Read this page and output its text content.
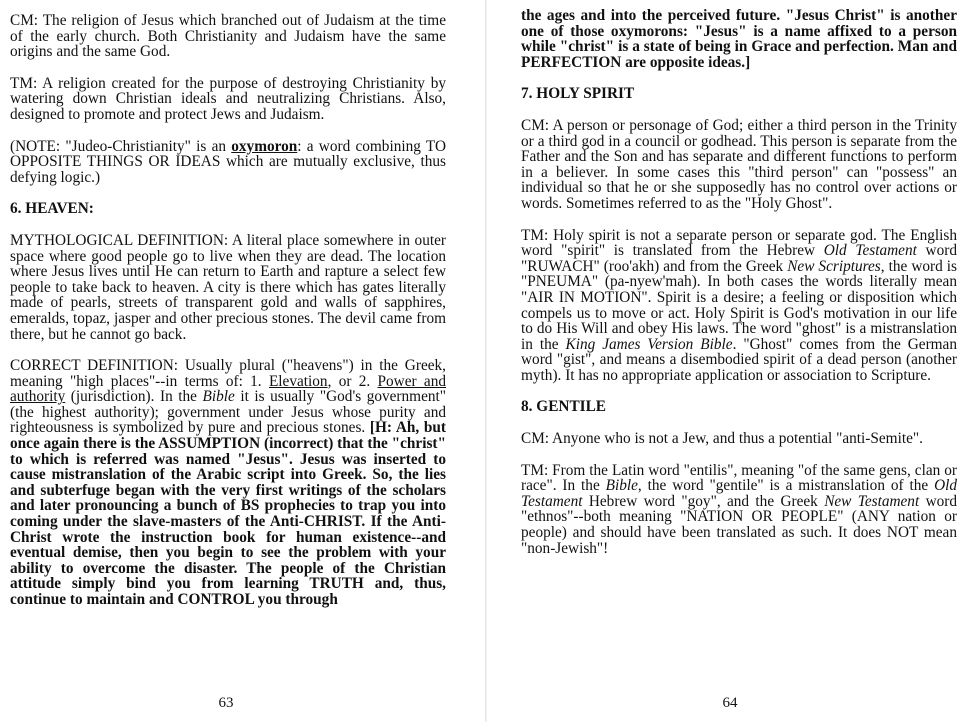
CM: The religion of Jesus which branched out of Judaism at the time of the early church. Both Christianity and Judaism have the same origins and the same God.

TM: A religion created for the purpose of destroying Christianity by watering down Christian ideals and neutralizing Christians. Also, designed to promote and protect Jews and Judaism.

(NOTE: "Judeo-Christianity" is an oxymoron: a word combining TO OPPOSITE THINGS OR IDEAS which are mutually exclusive, thus defying logic.)

6. HEAVEN:

MYTHOLOGICAL DEFINITION: A literal place somewhere in outer space where good people go to live when they are dead. The location where Jesus lives until He can return to Earth and rapture a select few people to take back to heaven. A city is there which has gates literally made of pearls, streets of transparent gold and walls of sapphires, emeralds, topaz, jasper and other precious stones. The devil came from there, but he cannot go back.

CORRECT DEFINITION: Usually plural ("heavens") in the Greek, meaning "high places"--in terms of: 1. Elevation, or 2. Power and authority (jurisdiction). In the Bible it is usually "God's government" (the highest authority); government under Jesus whose purity and righteousness is symbolized by pure and precious stones. [H: Ah, but once again there is the ASSUMPTION (incorrect) that the "christ" to which is referred was named "Jesus". Jesus was inserted to cause mistranslation of the Arabic script into Greek. So, the lies and subterfuge began with the very first writings of the scholars and later pronouncing a bunch of BS prophecies to trap you into coming under the slave-masters of the Anti-CHRIST. If the Anti-Christ wrote the instruction book for human existence--and eventual demise, then you begin to see the problem with your ability to overcome the disaster. The people of the Christian attitude simply bind you from learning TRUTH and, thus, continue to maintain and CONTROL you through

63

the ages and into the perceived future. "Jesus Christ" is another one of those oxymorons: "Jesus" is a name affixed to a person while "christ" is a state of being in Grace and perfection. Man and PERFECTION are opposite ideas.]

7. HOLY SPIRIT

CM: A person or personage of God; either a third person in the Trinity or a third god in a council or godhead. This person is separate from the Father and the Son and has separate and different functions to perform in a believer. In some cases this "third person" can "possess" an individual so that he or she supposedly has no control over actions or words. Sometimes referred to as the "Holy Ghost".

TM: Holy spirit is not a separate person or separate god. The English word "spirit" is translated from the Hebrew Old Testament word "RUWACH" (roo'akh) and from the Greek New Scriptures, the word is "PNEUMA" (pa-nyew'mah). In both cases the words literally mean "AIR IN MOTION". Spirit is a desire; a feeling or disposition which compels us to move or act. Holy Spirit is God's motivation in our life to do His Will and obey His laws. The word "ghost" is a mistranslation in the King James Version Bible. "Ghost" comes from the German word "gist", and means a disembodied spirit of a dead person (another myth). It has no appropriate application or association to Scripture.

8. GENTILE

CM: Anyone who is not a Jew, and thus a potential "anti-Semite".

TM: From the Latin word "entilis", meaning "of the same gens, clan or race". In the Bible, the word "gentile" is a mistranslation of the Old Testament Hebrew word "goy", and the Greek New Testament word "ethnos"--both meaning "NATION OR PEOPLE" (ANY nation or people) and should have been translated as such. It does NOT mean "non-Jewish"!

64
